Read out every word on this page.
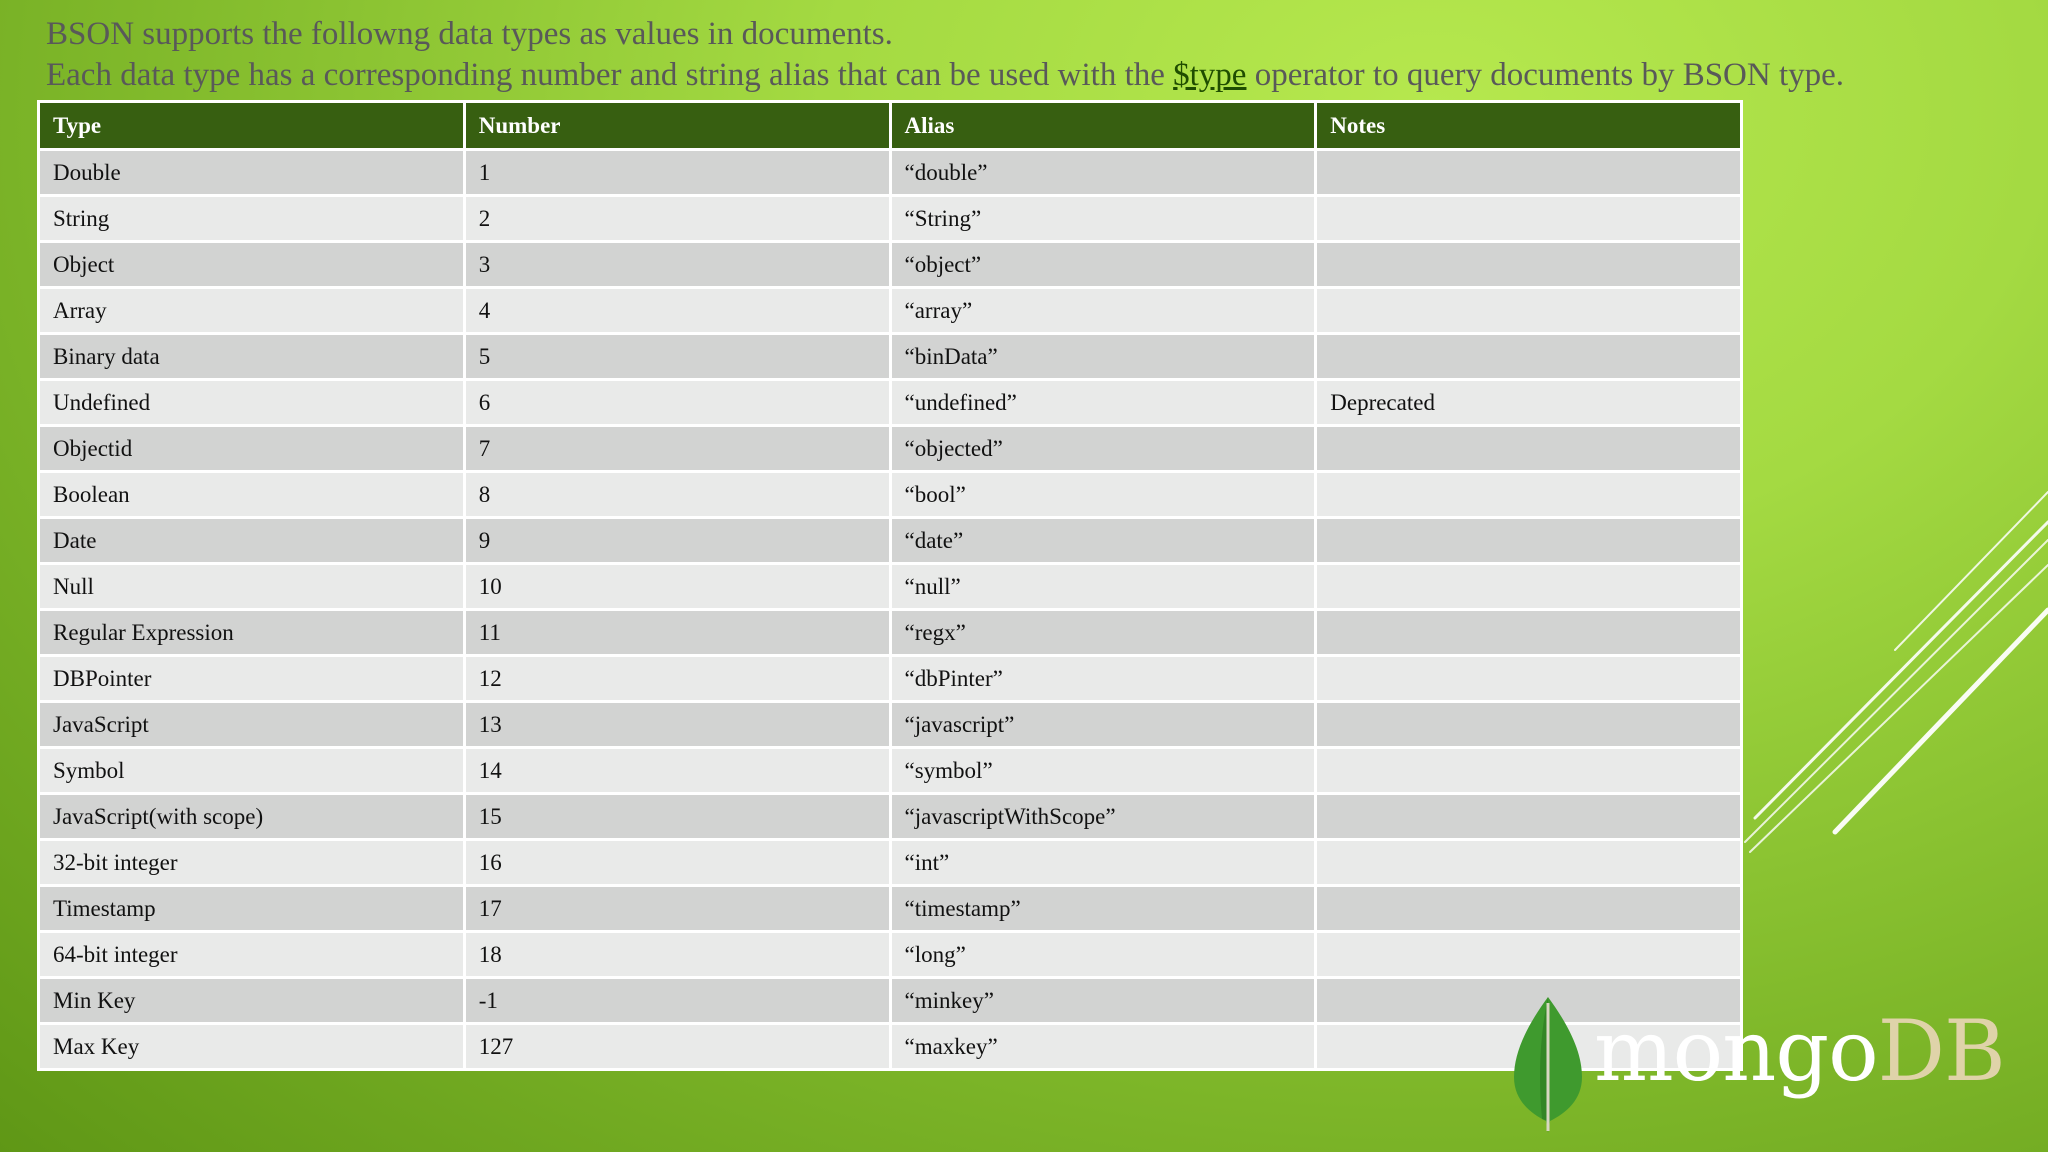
BSON supports the followng data types as values in documents.
Each data type has a corresponding number and string alias that can be used with the $type operator to query documents by BSON type.
Type	Number	Alias	Notes
Double	1	“double”	
String	2	“String”	
Object	3	“object”	
Array	4	“array”	
Binary data	5	“binData”	
Undefined	6	“undefined”	Deprecated
Objectid	7	“objected”	
Boolean	8	“bool”	
Date	9	“date”	
Null	10	“null”	
Regular Expression	11	“regx”	
DBPointer	12	“dbPinter”	
JavaScript	13	“javascript”	
Symbol	14	“symbol”	
JavaScript(with scope)	15	“javascriptWithScope”	
32-bit integer	16	“int”	
Timestamp	17	“timestamp”	
64-bit integer	18	“long”	
Min Key	-1	“minkey”	
Max Key	127	“maxkey”		mongoDB
